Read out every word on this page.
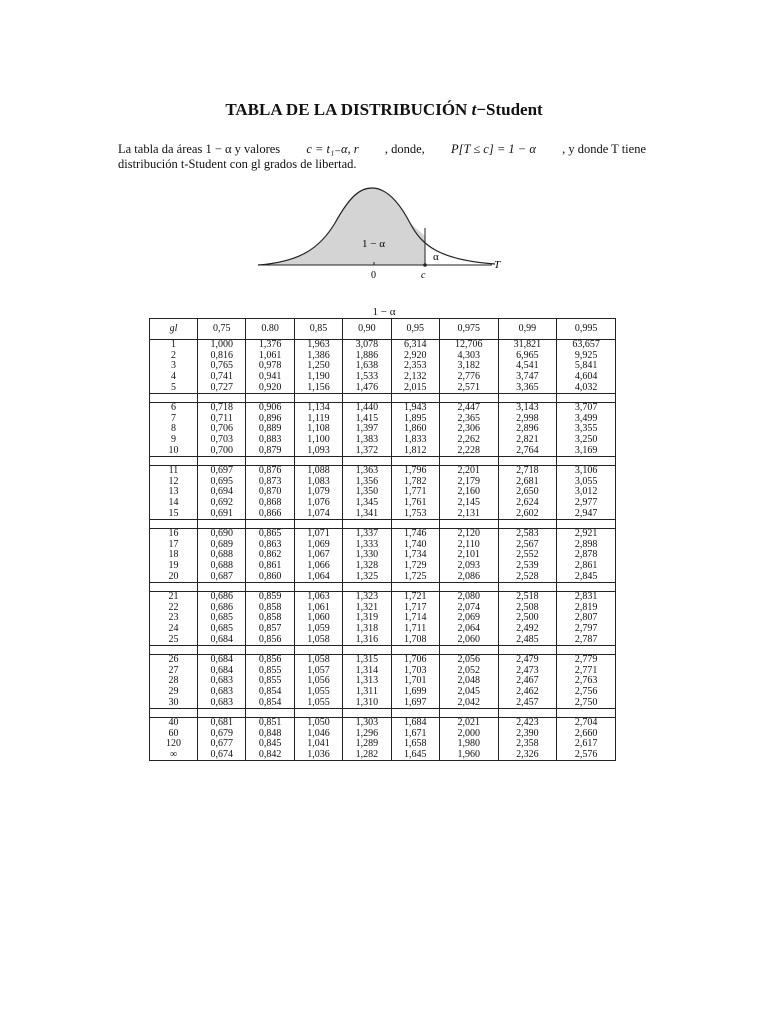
TABLA DE LA DISTRIBUCIÓN t−Student
La tabla da áreas 1 − α y valores c = t₁₋α, r , donde, P[T ≤ c] = 1 − α , y donde T tiene
distribución t-Student con gl grados de libertad.
1 − α
α
T
0	c
1 − α
gl	0,75	0.80	0,85	0,90	0,95	0,975	0,99	0,995
1	1,000	1,376	1,963	3,078	6,314	12,706	31,821	63,657
2	0,816	1,061	1,386	1,886	2,920	4,303	6,965	9,925
3	0,765	0,978	1,250	1,638	2,353	3,182	4,541	5,841
4	0,741	0,941	1,190	1,533	2,132	2,776	3,747	4,604
5	0,727	0,920	1,156	1,476	2,015	2,571	3,365	4,032

6	0,718	0,906	1,134	1,440	1,943	2,447	3,143	3,707
7	0,711	0,896	1,119	1,415	1,895	2,365	2,998	3,499
8	0,706	0,889	1,108	1,397	1,860	2,306	2,896	3,355
9	0,703	0,883	1,100	1,383	1,833	2,262	2,821	3,250
10	0,700	0,879	1,093	1,372	1,812	2,228	2,764	3,169

11	0,697	0,876	1,088	1,363	1,796	2,201	2,718	3,106
12	0,695	0,873	1,083	1,356	1,782	2,179	2,681	3,055
13	0,694	0,870	1,079	1,350	1,771	2,160	2,650	3,012
14	0,692	0,868	1,076	1,345	1,761	2,145	2,624	2,977
15	0,691	0,866	1,074	1,341	1,753	2,131	2,602	2,947

16	0,690	0,865	1,071	1,337	1,746	2,120	2,583	2,921
17	0,689	0,863	1,069	1,333	1,740	2,110	2,567	2,898
18	0,688	0,862	1,067	1,330	1,734	2,101	2,552	2,878
19	0,688	0,861	1,066	1,328	1,729	2,093	2,539	2,861
20	0,687	0,860	1,064	1,325	1,725	2,086	2,528	2,845

21	0,686	0,859	1,063	1,323	1,721	2,080	2,518	2,831
22	0,686	0,858	1,061	1,321	1,717	2,074	2,508	2,819
23	0,685	0,858	1,060	1,319	1,714	2,069	2,500	2,807
24	0,685	0,857	1,059	1,318	1,711	2,064	2,492	2,797
25	0,684	0,856	1,058	1,316	1,708	2,060	2,485	2,787

26	0,684	0,856	1,058	1,315	1,706	2,056	2,479	2,779
27	0,684	0,855	1,057	1,314	1,703	2,052	2,473	2,771
28	0,683	0,855	1,056	1,313	1,701	2,048	2,467	2,763
29	0,683	0,854	1,055	1,311	1,699	2,045	2,462	2,756
30	0,683	0,854	1,055	1,310	1,697	2,042	2,457	2,750

40	0,681	0,851	1,050	1,303	1,684	2,021	2,423	2,704
60	0,679	0,848	1,046	1,296	1,671	2,000	2,390	2,660
120	0,677	0,845	1,041	1,289	1,658	1,980	2,358	2,617
∞	0,674	0,842	1,036	1,282	1,645	1,960	2,326	2,576
